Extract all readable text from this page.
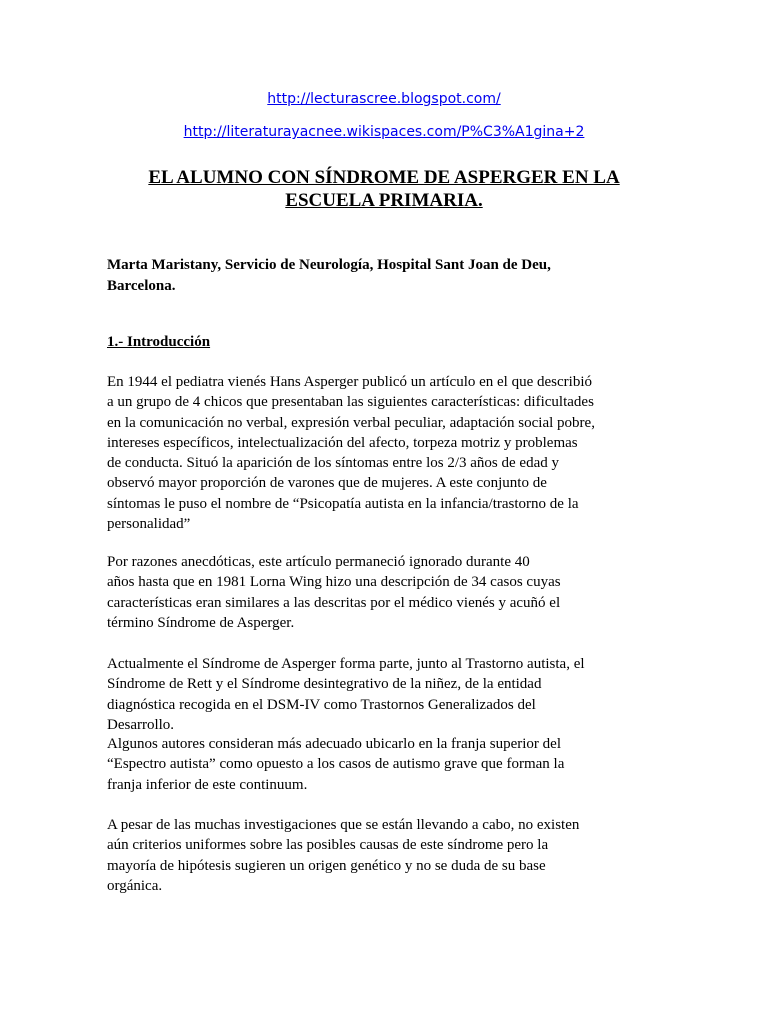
http://lecturascree.blogspot.com/
http://literaturayacnee.wikispaces.com/P%C3%A1gina+2
EL ALUMNO CON SÍNDROME DE ASPERGER EN LA
ESCUELA PRIMARIA.
Marta Maristany, Servicio de Neurología, Hospital Sant Joan de Deu,
Barcelona.
1.- Introducción
En 1944 el pediatra vienés Hans Asperger publicó un artículo en el que describió
a un grupo de 4 chicos que presentaban las siguientes características: dificultades
en la comunicación no verbal, expresión verbal peculiar, adaptación social pobre,
intereses específicos, intelectualización del afecto, torpeza motriz y problemas
de conducta. Situó la aparición de los síntomas entre los 2/3 años de edad y
observó mayor proporción de varones que de mujeres. A este conjunto de
síntomas le puso el nombre de “Psicopatía autista en la infancia/trastorno de la
personalidad”
Por razones anecdóticas, este artículo permaneció ignorado durante 40
años hasta que en 1981 Lorna Wing hizo una descripción de 34 casos cuyas
características eran similares a las descritas por el médico vienés y acuñó el
término Síndrome de Asperger.
Actualmente el Síndrome de Asperger forma parte, junto al Trastorno autista, el
Síndrome de Rett y el Síndrome desintegrativo de la niñez, de la entidad
diagnóstica recogida en el DSM-IV como Trastornos Generalizados del
Desarrollo.
Algunos autores consideran más adecuado ubicarlo en la franja superior del
“Espectro autista” como opuesto a los casos de autismo grave que forman la
franja inferior de este continuum.
A pesar de las muchas investigaciones que se están llevando a cabo, no existen
aún criterios uniformes sobre las posibles causas de este síndrome pero la
mayoría de hipótesis sugieren un origen genético y no se duda de su base
orgánica.
